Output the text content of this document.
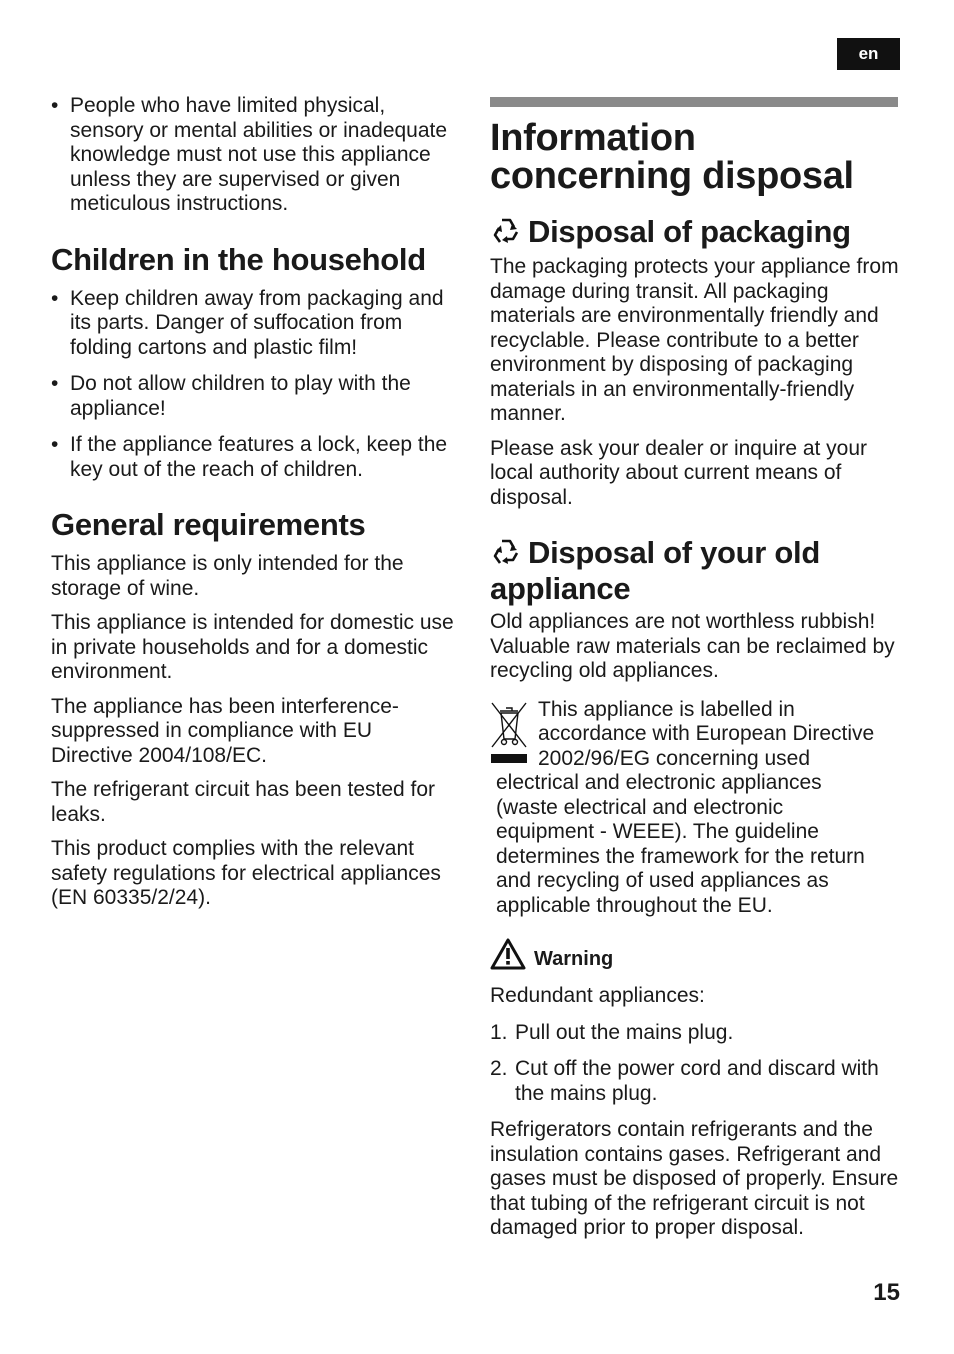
en
• People who have limited physical, sensory or mental abilities or inadequate knowledge must not use this appliance unless they are supervised or given meticulous instructions.
Children in the household
• Keep children away from packaging and its parts. Danger of suffocation from folding cartons and plastic film!
• Do not allow children to play with the appliance!
• If the appliance features a lock, keep the key out of the reach of children.
General requirements

This appliance is only intended for the storage of wine.

This appliance is intended for domestic use in private households and for a domestic environment.

The appliance has been interference-suppressed in compliance with EU Directive 2004/108/EC.

The refrigerant circuit has been tested for leaks.

This product complies with the relevant safety regulations for electrical appliances (EN 60335/2/24).

Information
concerning disposal
Disposal of packaging

The packaging protects your appliance from damage during transit. All packaging materials are environmentally friendly and recyclable. Please contribute to a better environment by disposing of packaging materials in an environmentally-friendly manner.

Please ask your dealer or inquire at your local authority about current means of disposal.

Disposal of your old
appliance

Old appliances are not worthless rubbish! Valuable raw materials can be reclaimed by recycling old appliances.

This appliance is labelled in

accordance with European Directive

2002/96/EG concerning used

electrical and electronic appliances

(waste electrical and electronic

equipment - WEEE). The guideline

determines the framework for the return

and recycling of used appliances as

applicable throughout the EU.

Warning

Redundant appliances:

1. Pull out the mains plug.
2. Cut off the power cord and discard with the mains plug.

Refrigerators contain refrigerants and the insulation contains gases. Refrigerant and gases must be disposed of properly. Ensure that tubing of the refrigerant circuit is not damaged prior to proper disposal.

15
